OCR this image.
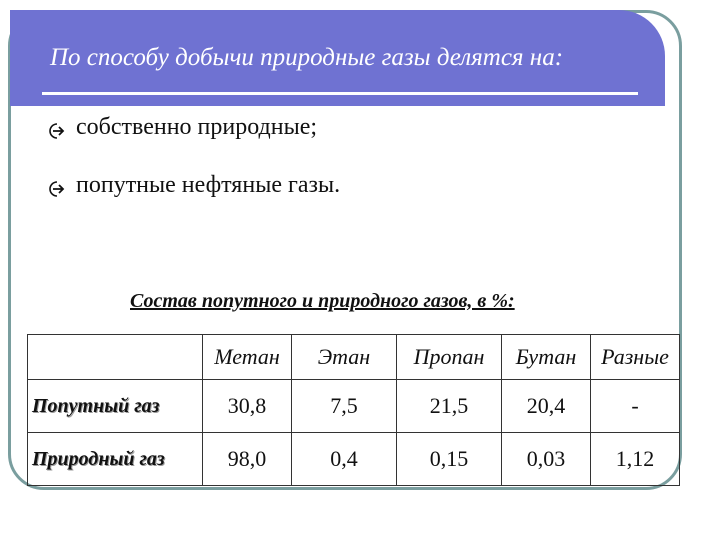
По способу добычи природные газы делятся на:
собственно природные;
попутные нефтяные газы.
Состав попутного и природного газов, в %:
	Метан	Этан	Пропан	Бутан	Разные
Попутный газ	30,8	7,5	21,5	20,4	-
Природный газ	98,0	0,4	0,15	0,03	1,12
